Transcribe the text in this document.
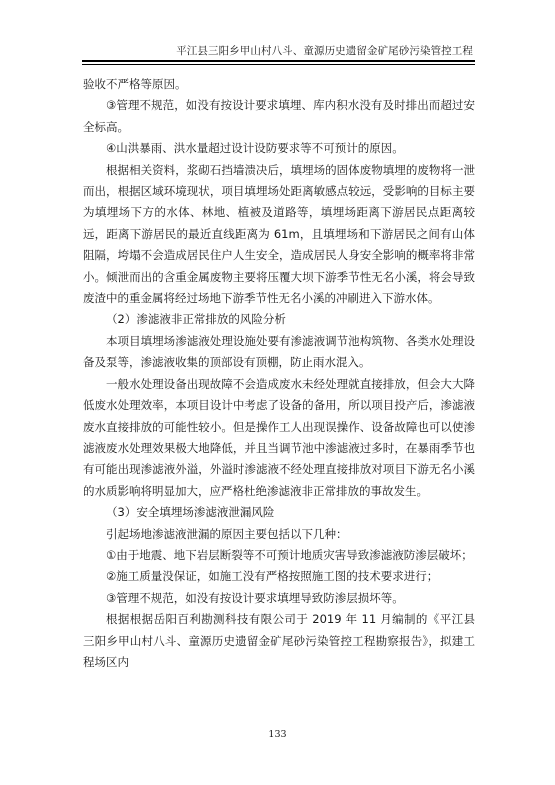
平江县三阳乡甲山村八斗、童源历史遗留金矿尾砂污染管控工程

验收不严格等原因。

③管理不规范，如没有按设计要求填埋、库内积水没有及时排出而超过安全标高。

④山洪暴雨、洪水量超过设计设防要求等不可预计的原因。

根据相关资料，浆砌石挡墙溃决后，填埋场的固体废物填埋的废物将一泄而出，根据区域环境现状，项目填埋场处距离敏感点较远，受影响的目标主要为填埋场下方的水体、林地、植被及道路等，填埋场距离下游居民点距离较远，距离下游居民的最近直线距离为 61m，且填埋场和下游居民之间有山体阻隔，垮塌不会造成居民住户人生安全，造成居民人身安全影响的概率将非常小。倾泄而出的含重金属废物主要将压覆大坝下游季节性无名小溪，将会导致废渣中的重金属将经过场地下游季节性无名小溪的冲刷进入下游水体。

（2）渗滤液非正常排放的风险分析

本项目填埋场渗滤液处理设施处要有渗滤液调节池构筑物、各类水处理设备及泵等，渗滤液收集的顶部设有顶棚，防止雨水混入。

一般水处理设备出现故障不会造成废水未经处理就直接排放，但会大大降低废水处理效率，本项目设计中考虑了设备的备用，所以项目投产后，渗滤液废水直接排放的可能性较小。但是操作工人出现误操作、设备故障也可以使渗滤液废水处理效果极大地降低，并且当调节池中渗滤液过多时，在暴雨季节也有可能出现渗滤液外溢，外溢时渗滤液不经处理直接排放对项目下游无名小溪的水质影响将明显加大，应严格杜绝渗滤液非正常排放的事故发生。

（3）安全填埋场渗滤液泄漏风险

引起场地渗滤液泄漏的原因主要包括以下几种：

①由于地震、地下岩层断裂等不可预计地质灾害导致渗滤液防渗层破坏；

②施工质量没保证，如施工没有严格按照施工图的技术要求进行；

③管理不规范，如没有按设计要求填埋导致防渗层损坏等。

根据根据岳阳百利勘测科技有限公司于 2019 年 11 月编制的《平江县三阳乡甲山村八斗、童源历史遗留金矿尾砂污染管控工程勘察报告》，拟建工程场区内

133
